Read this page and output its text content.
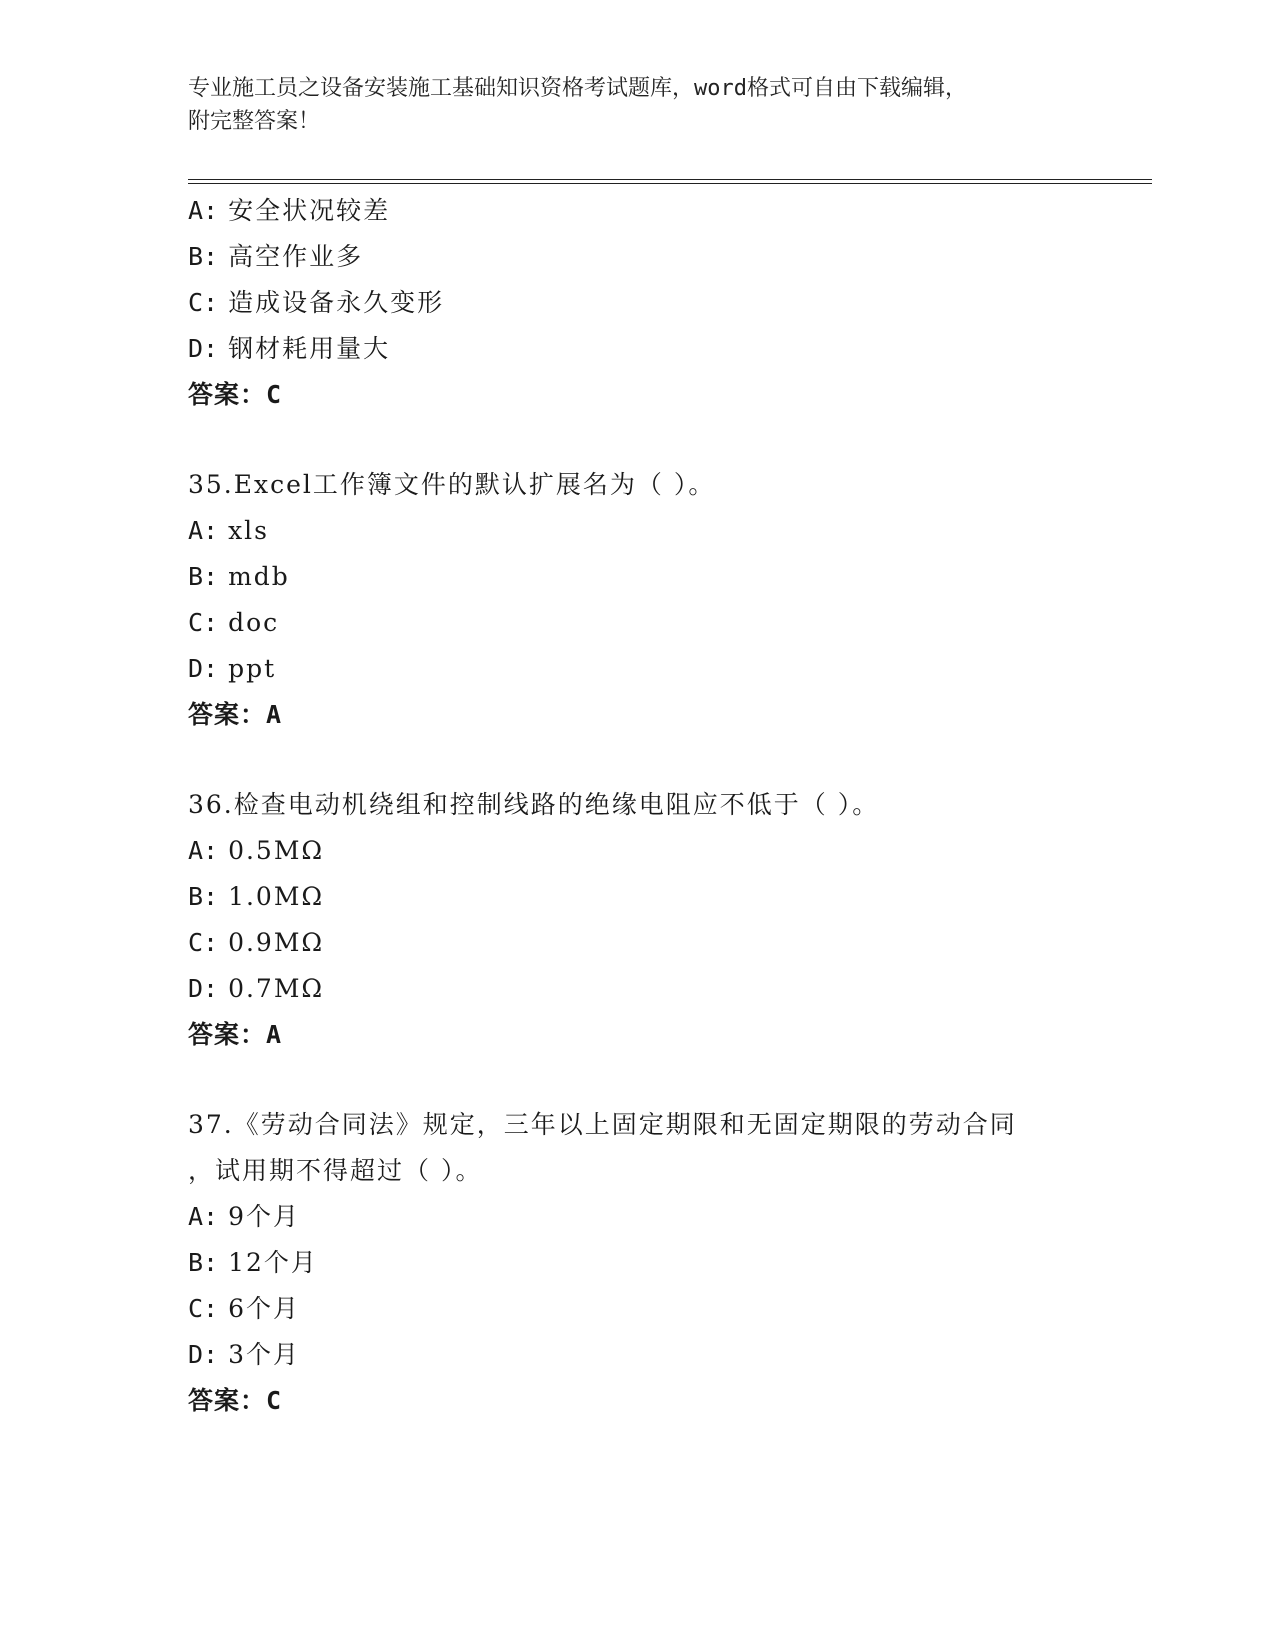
专业施工员之设备安装施工基础知识资格考试题库，word格式可自由下载编辑，
附完整答案！
A: 安全状况较差
B: 高空作业多
C: 造成设备永久变形
D: 钢材耗用量大
答案：C
35.Excel工作簿文件的默认扩展名为（ ）。
A: xls
B: mdb
C: doc
D: ppt
答案：A
36.检查电动机绕组和控制线路的绝缘电阻应不低于（ ）。
A: 0.5MΩ
B: 1.0MΩ
C: 0.9MΩ
D: 0.7MΩ
答案：A
37.《劳动合同法》规定，三年以上固定期限和无固定期限的劳动合同
，试用期不得超过（ ）。
A: 9个月
B: 12个月
C: 6个月
D: 3个月
答案：C
